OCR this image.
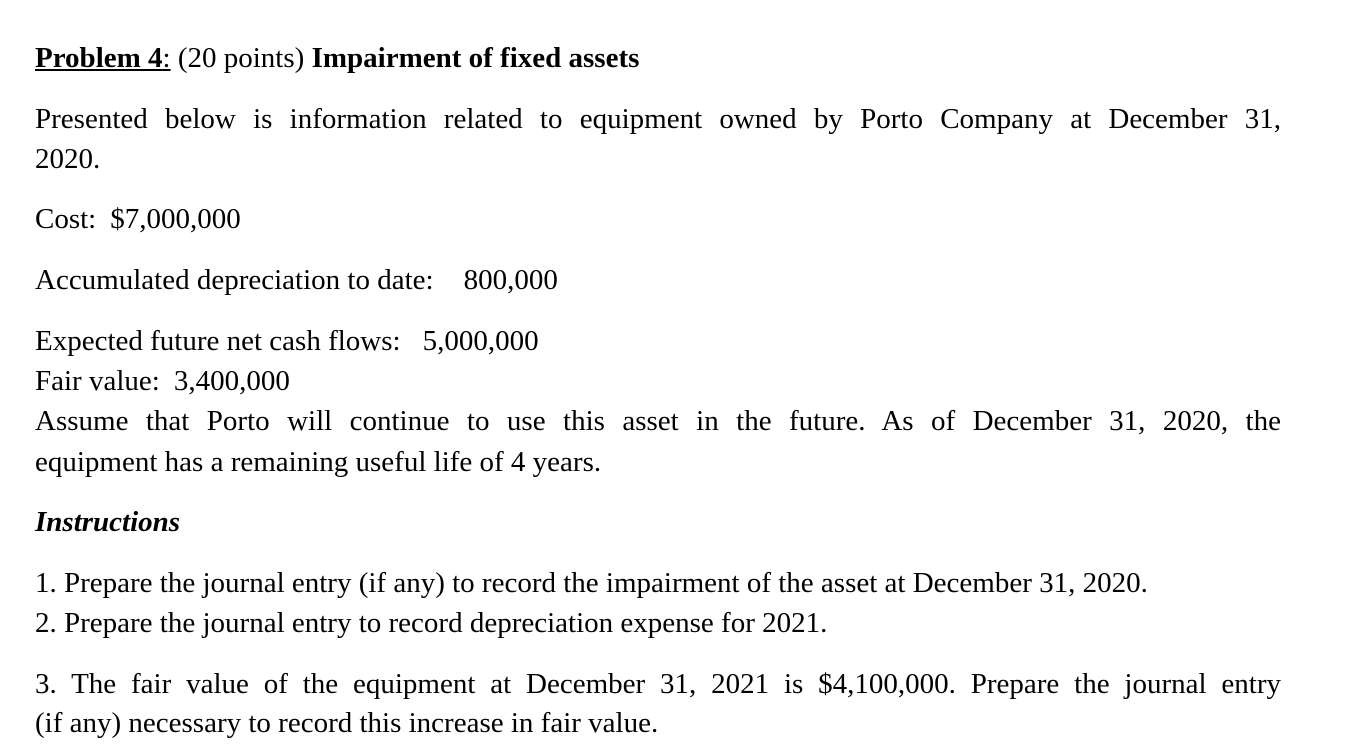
Problem 4: (20 points) Impairment of fixed assets
Presented below is information related to equipment owned by Porto Company at December 31,
2020.
Cost: $7,000,000
Accumulated depreciation to date: 800,000
Expected future net cash flows: 5,000,000
Fair value: 3,400,000
Assume that Porto will continue to use this asset in the future. As of December 31, 2020, the
equipment has a remaining useful life of 4 years.
Instructions
1. Prepare the journal entry (if any) to record the impairment of the asset at December 31, 2020.
2. Prepare the journal entry to record depreciation expense for 2021.
3. The fair value of the equipment at December 31, 2021 is $4,100,000. Prepare the journal entry
(if any) necessary to record this increase in fair value.
